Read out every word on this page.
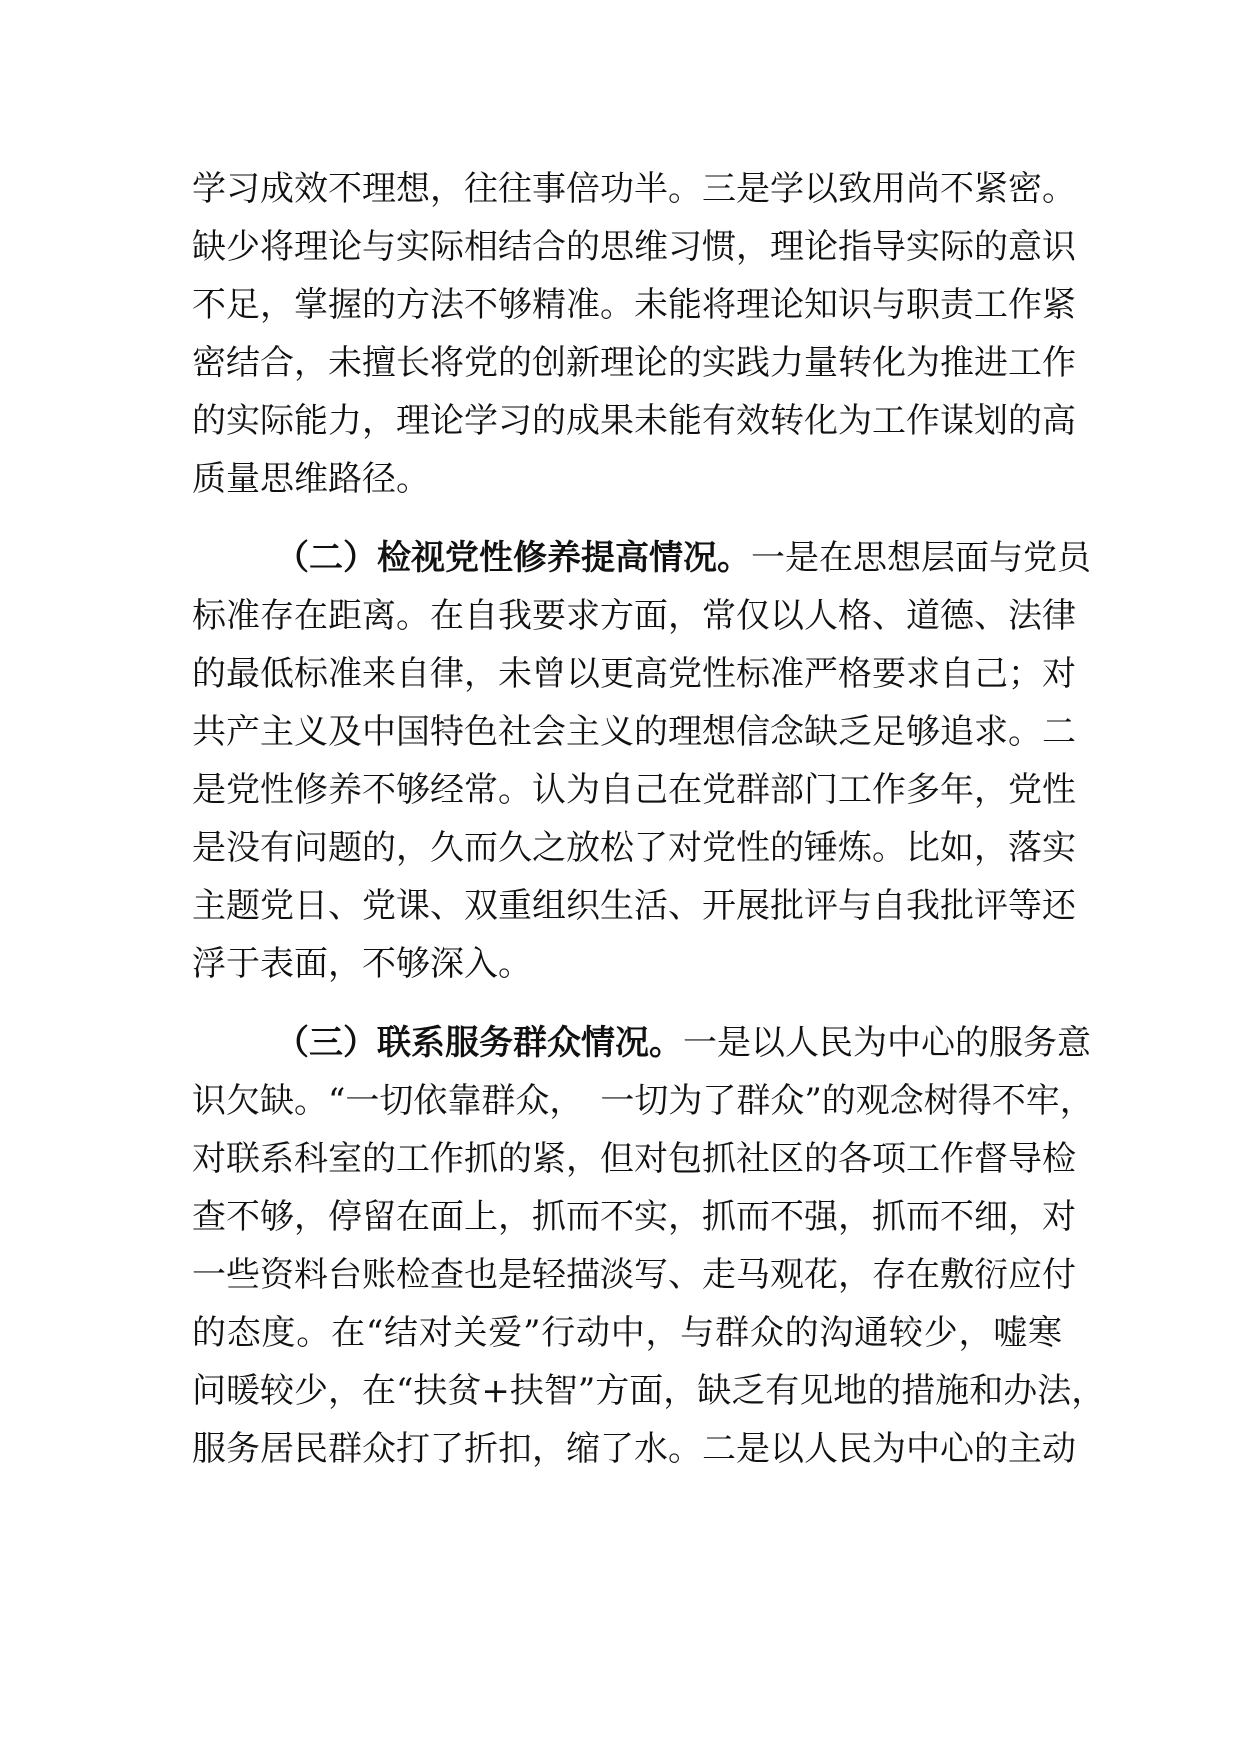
学习成效不理想，往往事倍功半。三是学以致用尚不紧密。
缺少将理论与实际相结合的思维习惯，理论指导实际的意识
不足，掌握的方法不够精准。未能将理论知识与职责工作紧
密结合，未擅长将党的创新理论的实践力量转化为推进工作
的实际能力，理论学习的成果未能有效转化为工作谋划的高
质量思维路径。
（二）检视党性修养提高情况。一是在思想层面与党员
标准存在距离。在自我要求方面，常仅以人格、道德、法律
的最低标准来自律，未曾以更高党性标准严格要求自己；对
共产主义及中国特色社会主义的理想信念缺乏足够追求。二
是党性修养不够经常。认为自己在党群部门工作多年，党性
是没有问题的，久而久之放松了对党性的锤炼。比如，落实
主题党日、党课、双重组织生活、开展批评与自我批评等还
浮于表面，不够深入。
（三）联系服务群众情况。一是以人民为中心的服务意
识欠缺。“一切依靠群众，　一切为了群众”的观念树得不牢，
对联系科室的工作抓的紧，但对包抓社区的各项工作督导检
查不够，停留在面上，抓而不实，抓而不强，抓而不细，对
一些资料台账检查也是轻描淡写、走马观花，存在敷衍应付
的态度。在“结对关爱”行动中，与群众的沟通较少，嘘寒
问暖较少，在“扶贫+扶智”方面，缺乏有见地的措施和办法，
服务居民群众打了折扣，缩了水。二是以人民为中心的主动
